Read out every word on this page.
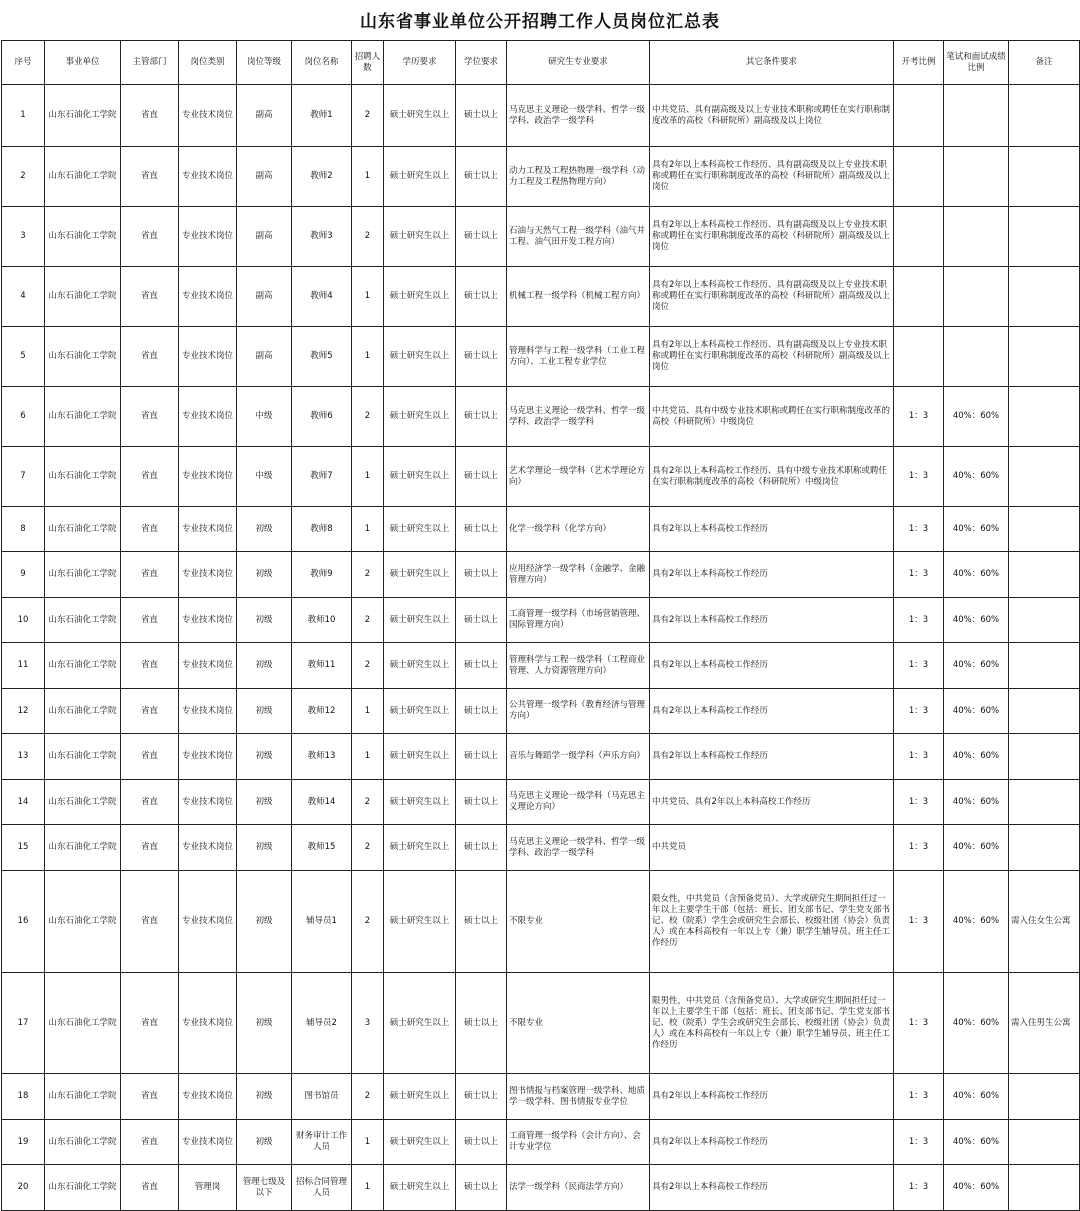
山东省事业单位公开招聘工作人员岗位汇总表
序号	事业单位	主管部门	岗位类别	岗位等级	岗位名称	招聘人数	学历要求	学位要求	研究生专业要求	其它条件要求	开考比例	笔试和面试成绩比例	备注
1	山东石油化工学院	省直	专业技术岗位	副高	教师1	2	硕士研究生以上	硕士以上	马克思主义理论一级学科、哲学一级学科、政治学一级学科	中共党员、具有副高级及以上专业技术职称或聘任在实行职称制度改革的高校（科研院所）副高级及以上岗位			
2	山东石油化工学院	省直	专业技术岗位	副高	教师2	1	硕士研究生以上	硕士以上	动力工程及工程热物理一级学科（动力工程及工程热物理方向）	具有2年以上本科高校工作经历、具有副高级及以上专业技术职称或聘任在实行职称制度改革的高校（科研院所）副高级及以上岗位			
3	山东石油化工学院	省直	专业技术岗位	副高	教师3	2	硕士研究生以上	硕士以上	石油与天然气工程一级学科（油气井工程、油气田开发工程方向）	具有2年以上本科高校工作经历、具有副高级及以上专业技术职称或聘任在实行职称制度改革的高校（科研院所）副高级及以上岗位			
4	山东石油化工学院	省直	专业技术岗位	副高	教师4	1	硕士研究生以上	硕士以上	机械工程一级学科（机械工程方向）	具有2年以上本科高校工作经历、具有副高级及以上专业技术职称或聘任在实行职称制度改革的高校（科研院所）副高级及以上岗位			
5	山东石油化工学院	省直	专业技术岗位	副高	教师5	1	硕士研究生以上	硕士以上	管理科学与工程一级学科（工业工程方向）、工业工程专业学位	具有2年以上本科高校工作经历、具有副高级及以上专业技术职称或聘任在实行职称制度改革的高校（科研院所）副高级及以上岗位			
6	山东石油化工学院	省直	专业技术岗位	中级	教师6	2	硕士研究生以上	硕士以上	马克思主义理论一级学科、哲学一级学科、政治学一级学科	中共党员、具有中级专业技术职称或聘任在实行职称制度改革的高校（科研院所）中级岗位	1：3	40%：60%	
7	山东石油化工学院	省直	专业技术岗位	中级	教师7	1	硕士研究生以上	硕士以上	艺术学理论一级学科（艺术学理论方向）	具有2年以上本科高校工作经历、具有中级专业技术职称或聘任在实行职称制度改革的高校（科研院所）中级岗位	1：3	40%：60%	
8	山东石油化工学院	省直	专业技术岗位	初级	教师8	1	硕士研究生以上	硕士以上	化学一级学科（化学方向）	具有2年以上本科高校工作经历	1：3	40%：60%	
9	山东石油化工学院	省直	专业技术岗位	初级	教师9	2	硕士研究生以上	硕士以上	应用经济学一级学科（金融学、金融管理方向）	具有2年以上本科高校工作经历	1：3	40%：60%	
10	山东石油化工学院	省直	专业技术岗位	初级	教师10	2	硕士研究生以上	硕士以上	工商管理一级学科（市场营销管理、国际管理方向）	具有2年以上本科高校工作经历	1：3	40%：60%	
11	山东石油化工学院	省直	专业技术岗位	初级	教师11	2	硕士研究生以上	硕士以上	管理科学与工程一级学科（工程商业管理、人力资源管理方向）	具有2年以上本科高校工作经历	1：3	40%：60%	
12	山东石油化工学院	省直	专业技术岗位	初级	教师12	1	硕士研究生以上	硕士以上	公共管理一级学科（教育经济与管理方向）	具有2年以上本科高校工作经历	1：3	40%：60%	
13	山东石油化工学院	省直	专业技术岗位	初级	教师13	1	硕士研究生以上	硕士以上	音乐与舞蹈学一级学科（声乐方向）	具有2年以上本科高校工作经历	1：3	40%：60%	
14	山东石油化工学院	省直	专业技术岗位	初级	教师14	2	硕士研究生以上	硕士以上	马克思主义理论一级学科（马克思主义理论方向）	中共党员、具有2年以上本科高校工作经历	1：3	40%：60%	
15	山东石油化工学院	省直	专业技术岗位	初级	教师15	2	硕士研究生以上	硕士以上	马克思主义理论一级学科、哲学一级学科、政治学一级学科	中共党员	1：3	40%：60%	
16	山东石油化工学院	省直	专业技术岗位	初级	辅导员1	2	硕士研究生以上	硕士以上	不限专业	限女性，中共党员（含预备党员）、大学或研究生期间担任过一年以上主要学生干部（包括：班长、团支部书记、学生党支部书记、校（院系）学生会或研究生会部长、校级社团（协会）负责人）或在本科高校有一年以上专（兼）职学生辅导员、班主任工作经历	1：3	40%：60%	需入住女生公寓
17	山东石油化工学院	省直	专业技术岗位	初级	辅导员2	3	硕士研究生以上	硕士以上	不限专业	限男性，中共党员（含预备党员）、大学或研究生期间担任过一年以上主要学生干部（包括：班长、团支部书记、学生党支部书记、校（院系）学生会或研究生会部长、校级社团（协会）负责人）或在本科高校有一年以上专（兼）职学生辅导员、班主任工作经历	1：3	40%：60%	需入住男生公寓
18	山东石油化工学院	省直	专业技术岗位	初级	图书馆员	2	硕士研究生以上	硕士以上	图书情报与档案管理一级学科、地质学一级学科、图书情报专业学位	具有2年以上本科高校工作经历	1：3	40%：60%	
19	山东石油化工学院	省直	专业技术岗位	初级	财务审计工作人员	1	硕士研究生以上	硕士以上	工商管理一级学科（会计方向）、会计专业学位	具有2年以上本科高校工作经历	1：3	40%：60%	
20	山东石油化工学院	省直	管理岗	管理七级及以下	招标合同管理人员	1	硕士研究生以上	硕士以上	法学一级学科（民商法学方向）	具有2年以上本科高校工作经历	1：3	40%：60%	
